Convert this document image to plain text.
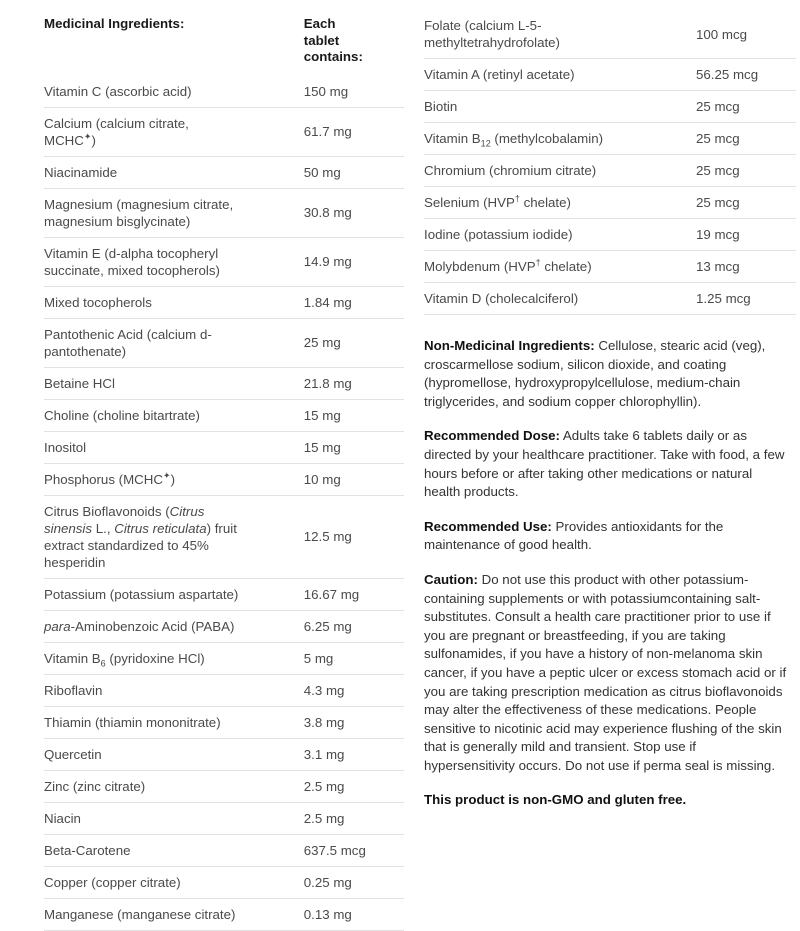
Medicinal Ingredients:		Each
tablet
contains:

Vitamin C (ascorbic acid)		150 mg
Calcium (calcium citrate, MCHC✦)		61.7 mg
Niacinamide		50 mg
Magnesium (magnesium citrate, magnesium bisglycinate)		30.8 mg
Vitamin E (d-alpha tocopheryl succinate, mixed tocopherols)		14.9 mg
Mixed tocopherols		1.84 mg
Pantothenic Acid (calcium d-pantothenate)		25 mg
Betaine HCl		21.8 mg
Choline (choline bitartrate)		15 mg
Inositol		15 mg
Phosphorus (MCHC✦)		10 mg
Citrus Bioflavonoids (Citrus sinensis L., Citrus reticulata) fruit extract standardized to 45% hesperidin		12.5 mg
Potassium (potassium aspartate)		16.67 mg
para-Aminobenzoic Acid (PABA)		6.25 mg
Vitamin $B_6$ (pyridoxine HCl)		5 mg
Riboflavin		4.3 mg
Thiamin (thiamin mononitrate)		3.8 mg
Quercetin		3.1 mg
Zinc (zinc citrate)		2.5 mg
Niacin		2.5 mg
Beta-Carotene		637.5 mcg
Copper (copper citrate)		0.25 mg
Manganese (manganese citrate)		0.13 mg
Folate (calcium L-5-methyltetrahydrofolate)		100 mcg
Vitamin A (retinyl acetate)		56.25 mcg
Biotin		25 mcg
Vitamin $B_{12}$ (methylcobalamin)		25 mcg
Chromium (chromium citrate)		25 mcg
Selenium (HVP† chelate)		25 mcg
Iodine (potassium iodide)		19 mcg
Molybdenum (HVP† chelate)		13 mcg
Vitamin D (cholecalciferol)		1.25 mcg

Non-Medicinal Ingredients: Cellulose, stearic acid (veg), croscarmellose sodium, silicon dioxide, and coating (hypromellose, hydroxypropylcellulose, medium-chain triglycerides, and sodium copper chlorophyllin).

Recommended Dose: Adults take 6 tablets daily or as directed by your healthcare practitioner. Take with food, a few hours before or after taking other medications or natural health products.

Recommended Use: Provides antioxidants for the maintenance of good health.

Caution: Do not use this product with other potassium-containing supplements or with potassiumcontaining salt-substitutes. Consult a health care practitioner prior to use if you are pregnant or breastfeeding, if you are taking sulfonamides, if you have a history of non-melanoma skin cancer, if you have a peptic ulcer or excess stomach acid or if you are taking prescription medication as citrus bioflavonoids may alter the effectiveness of these medications. People sensitive to nicotinic acid may experience flushing of the skin that is generally mild and transient. Stop use if hypersensitivity occurs. Do not use if perma seal is missing.

This product is non-GMO and gluten free.
